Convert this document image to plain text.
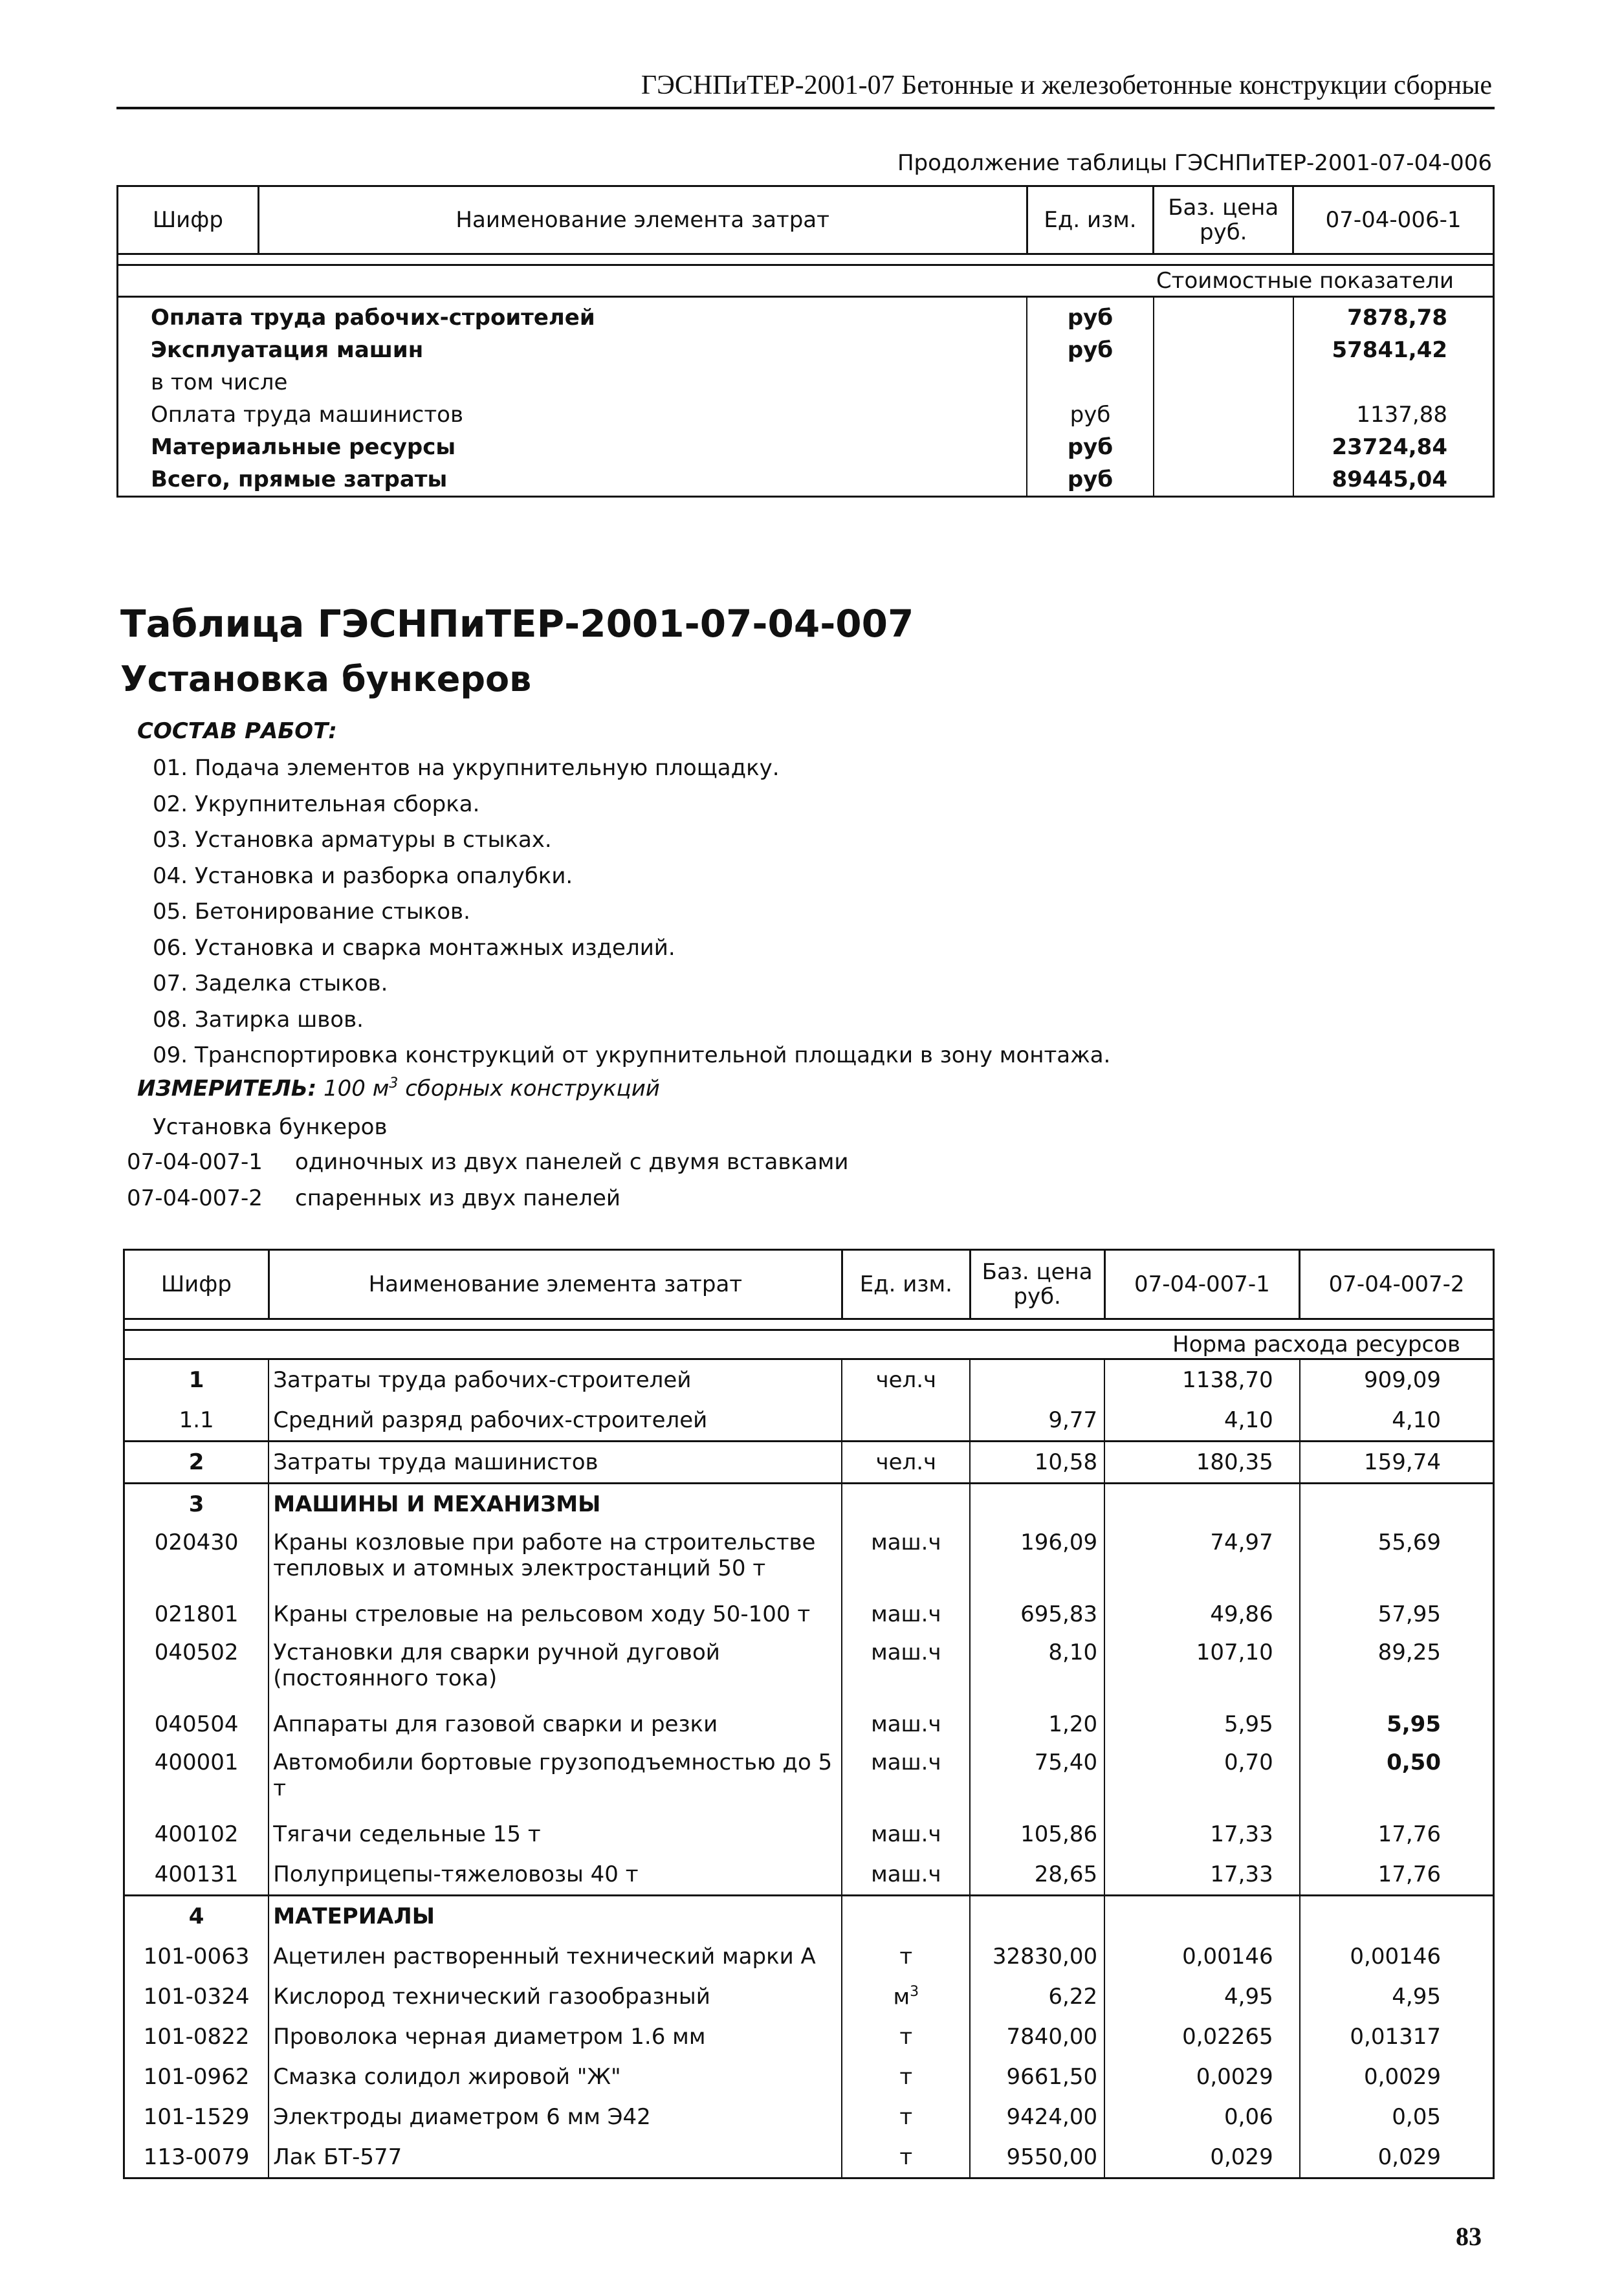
ГЭСНПиТЕР-2001-07 Бетонные и железобетонные конструкции сборные
Продолжение таблицы ГЭСНПиТЕР-2001-07-04-006
Шифр	Наименование элемента затрат	Ед. изм.	Баз. цена руб.	07-04-006-1

Стоимостные показатели				
Оплата труда рабочих-строителей		руб		7878,78
Эксплуатация машин		руб		57841,42
в том числе				
Оплата труда машинистов		руб		1137,88
Материальные ресурсы		руб		23724,84
Всего, прямые затраты		руб		89445,04
Таблица ГЭСНПиТЕР-2001-07-04-007
Установка бункеров
СОСТАВ РАБОТ:
01. Подача элементов на укрупнительную площадку.
02. Укрупнительная сборка.
03. Установка арматуры в стыках.
04. Установка и разборка опалубки.
05. Бетонирование стыков.
06. Установка и сварка монтажных изделий.
07. Заделка стыков.
08. Затирка швов.
09. Транспортировка конструкций от укрупнительной площадки в зону монтажа.
ИЗМЕРИТЕЛЬ: 100 $м^3$ сборных конструкций
Установка бункеров
07-04-007-1 одиночных из двух панелей с двумя вставками
07-04-007-2 спаренных из двух панелей
Шифр	Наименование элемента затрат	Ед. изм.	Баз. цена руб.	07-04-007-1	07-04-007-2

Норма расхода ресурсов					
1	Затраты труда рабочих-строителей	чел.ч		1138,70	909,09
1.1	Средний разряд рабочих-строителей		9,77	4,10	4,10
2	Затраты труда машинистов	чел.ч	10,58	180,35	159,74
3	МАШИНЫ И МЕХАНИЗМЫ				
020430	Краны козловые при работе на строительстве тепловых и атомных электростанций 50 т	маш.ч	196,09	74,97	55,69
021801	Краны стреловые на рельсовом ходу 50-100 т	маш.ч	695,83	49,86	57,95
040502	Установки для сварки ручной дуговой (постоянного тока)	маш.ч	8,10	107,10	89,25
040504	Аппараты для газовой сварки и резки	маш.ч	1,20	5,95	5,95
400001	Автомобили бортовые грузоподъемностью до 5 т	маш.ч	75,40	0,70	0,50
400102	Тягачи седельные 15 т	маш.ч	105,86	17,33	17,76
400131	Полуприцепы-тяжеловозы 40 т	маш.ч	28,65	17,33	17,76
4	МАТЕРИАЛЫ				
101-0063	Ацетилен растворенный технический марки А	т	32830,00	0,00146	0,00146
101-0324	Кислород технический газообразный	$м^3$	6,22	4,95	4,95
101-0822	Проволока черная диаметром 1.6 мм	т	7840,00	0,02265	0,01317
101-0962	Смазка солидол жировой "Ж"	т	9661,50	0,0029	0,0029
101-1529	Электроды диаметром 6 мм Э42	т	9424,00	0,06	0,05
113-0079	Лак БТ-577	т	9550,00	0,029	0,029
83
